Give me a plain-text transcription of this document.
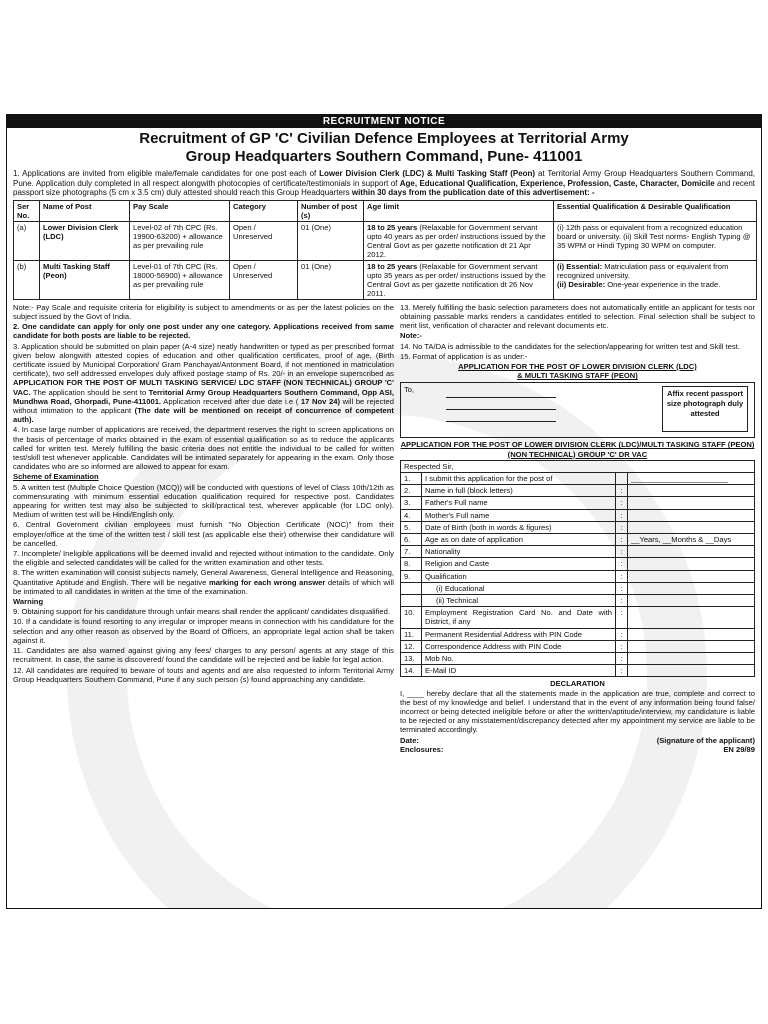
RECRUITMENT NOTICE
Recruitment of GP 'C' Civilian Defence Employees at Territorial Army
Group Headquarters Southern Command, Pune- 411001
1. Applications are invited from eligible male/female candidates for one post each of Lower Division Clerk (LDC) & Multi Tasking Staff (Peon) at Territorial Army Group Headquarters Southern Command, Pune. Application duly completed in all respect alongwith photocopies of certificate/testimonials in support of Age, Educational Qualification, Experience, Profession, Caste, Character, Domicile and recent passport size photographs (5 cm x 3.5 cm) duly attested should reach this Group Headquarters within 30 days from the publication date of this advertisement: -
Ser No.	Name of Post	Pay Scale	Category	Number of post (s)	Age limit	Essential Qualification & Desirable Qualification
(a)	Lower Division Clerk (LDC)	Level-02 of 7th CPC (Rs. 19900-63200) + allowance as per prevailing rule	Open / Unreserved	01 (One)	18 to 25 years (Relaxable for Government servant upto 40 years as per order/ instructions issued by the Central Govt as per gazette notification dt 21 Apr 2012.	(i) 12th pass or equivalent from a recognized education board or university. (ii) Skill Test norms- English Typing @ 35 WPM or Hindi Typing 30 WPM on computer.
(b)	Multi Tasking Staff (Peon)	Level-01 of 7th CPC (Rs. 18000-56900) + allowance as per prevailing rule	Open / Unreserved	01 (One)	18 to 25 years (Relaxable for Government servant upto 35 years as per order/ instructions issued by the Central Govt as per gazette notification dt 26 Nov 2011.	(i) Essential: Matriculation pass or equivalent from recognized university.
(ii) Desirable: One-year experience in the trade.

Note:- Pay Scale and requisite criteria for eligibility is subject to amendments or as per the latest policies on the subject issued by the Govt of India.

2. One candidate can apply for only one post under any one category. Applications received from same candidate for both posts are liable to be rejected.

3. Application should be submitted on plain paper (A-4 size) neatly handwritten or typed as per prescribed format given below alongwith attested copies of education and other qualification certificates, proof of age, (Birth certificate issued by Municipal Corporation/ Gram Panchayat/Antonment Board, if not mentioned in matriculation certificate), two self addressed envelopes duly affixed postage stamp of Rs. 20/- in an envelope superscribed as APPLICATION FOR THE POST OF MULTI TASKING SERVICE/ LDC STAFF (NON TECHNICAL) GROUP 'C' VAC. The application should be sent to Territorial Army Group Headquarters Southern Command, Opp ASI, Mundhwa Road, Ghorpadi, Pune-411001. Application received after due date i.e ( 17 Nov 24) will be rejected without intimation to the applicant (The date will be mentioned on receipt of concurrence of competent auth).

4. In case large number of applications are received, the department reserves the right to screen applications on the basis of percentage of marks obtained in the exam of essential qualification so as to reduce the applicants called for written test. Merely fulfilling the basic criteria does not entitle the individual to be called for written test/skill test whenever applicable. Candidates will be intimated separately for appearing in the exam. Only those candidates who are so informed are allowed to appear for exam.

Scheme of Examination

5. A written test (Multiple Choice Question (MCQ)) will be conducted with questions of level of Class 10th/12th as commensurating with minimum essential education qualification required for respective post. Candidates appearing for written test may also be subjected to skill/practical test, wherever applicable (for LDC only). Medium of written test will be Hindi/English only.

6. Central Government civilian employees must furnish "No Objection Certificate (NOC)" from their employer/office at the time of the written test / skill test (as applicable else their) otherwise their candidature will be cancelled.

7. Incomplete/ Ineligible applications will be deemed invalid and rejected without intimation to the candidate. Only the eligible and selected candidates will be called for the written examination and other tests.

8. The written examination will consist subjects namely, General Awareness, General Intelligence and Reasoning, Quantitative Aptitude and English. There will be negative marking for each wrong answer details of which will be intimated to all candidates in written at the time of the examination.

Warning

9. Obtaining support for his candidature through unfair means shall render the applicant/ candidates disqualified.

10. If a candidate is found resorting to any irregular or improper means in connection with his candidature for the selection and any other reason as observed by the Board of Officers, an appropriate legal action shall be taken against it.

11. Candidates are also warned against giving any fees/ charges to any person/ agents at any stage of this recruitment. In case, the same is discovered/ found the candidate will be rejected and be liable for legal action.

12. All candidates are required to beware of touts and agents and are also requested to inform Territorial Army Group Headquarters Southern Command, Pune if any such person (s) found approaching any candidate.

13. Merely fulfilling the basic selection parameters does not automatically entitle an applicant for tests nor obtaining passable marks renders a candidates entitled to selection. Final selection shall be subject to merit list, verification of character and relevant documents etc.

Note:-

14. No TA/DA is admissible to the candidates for the selection/appearing for written test and Skill test.

15. Format of application is as under:-

APPLICATION FOR THE POST OF LOWER DIVISION CLERK (LDC)
& MULTI TASKING STAFF (PEON)
To,	Affix recent passport size photograph duly attested
APPLICATION FOR THE POST OF LOWER DIVISION CLERK (LDC)/MULTI TASKING STAFF (PEON)(NON TECHNICAL) GROUP 'C' DR VAC
Respected Sir,			
1.	I submit this application for the post of		_______________________
2.	Name in full (block letters)	:	
3.	Father's Full name	:	
4.	Mother's Full name	:	
5.	Date of Birth (both in words & figures)	:	
6.	Age as on date of application	:	__Years, __Months & __Days
7.	Nationality	:	
8.	Religion and Caste	:	
9.	Qualification	:	
	(i) Educational	:	
	(ii) Technical	:	
10.	Employment Registration Card No. and Date with District, if any	:	
11.	Permanent Residential Address with PIN Code	:	
12.	Correspondence Address with PIN Code	:	
13.	Mob No.	:	
14.	E-Mail ID	:	
DECLARATION

I, ____ hereby declare that all the statements made in the application are true, complete and correct to the best of my knowledge and belief. I understand that in the event of any information being found false/ incorrect or being detected ineligible before or after the written/aptitude/interview, my candidature is liable to be rejected or any misstatement/discrepancy detected after my appointment my service are liable to be terminated accordingly.

Date:	(Signature of the applicant)
Enclosures:	EN 29/89
